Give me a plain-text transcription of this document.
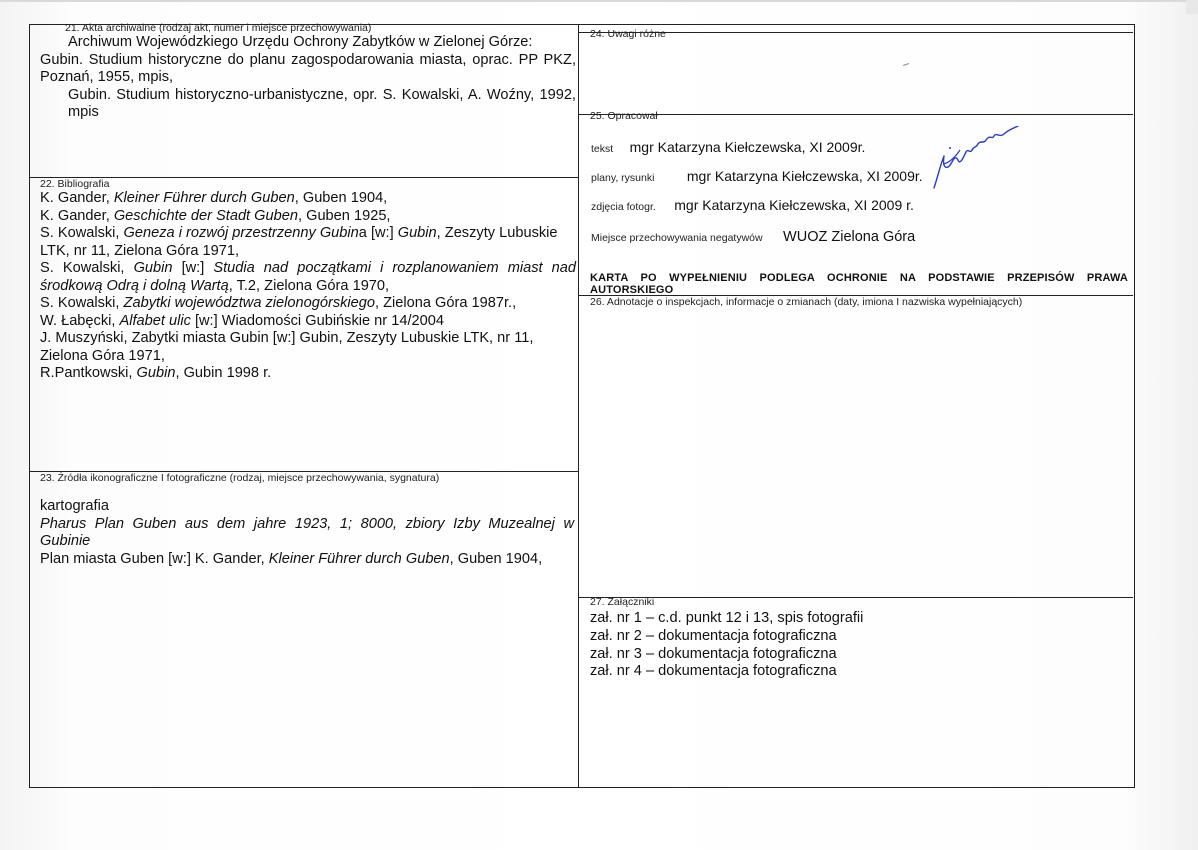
21. Akta archiwalne (rodzaj akt, numer i miejsce przechowywania)
Archiwum Wojewódzkiego Urzędu Ochrony Zabytków w Zielonej Górze:
Gubin. Studium historyczne do planu zagospodarowania miasta, oprac. PP PKZ, Poznań, 1955, mpis,
Gubin. Studium historyczno-urbanistyczne, opr. S. Kowalski, A. Woźny, 1992, mpis
22. Bibliografia
K. Gander, Kleiner Führer durch Guben, Guben 1904,
K. Gander, Geschichte der Stadt Guben, Guben 1925,
S. Kowalski, Geneza i rozwój przestrzenny Gubina [w:] Gubin, Zeszyty Lubuskie LTK, nr 11, Zielona Góra 1971,
S. Kowalski, Gubin [w:] Studia nad początkami i rozplanowaniem miast nad środkową Odrą i dolną Wartą, T.2, Zielona Góra 1970,
S. Kowalski, Zabytki województwa zielonogórskiego, Zielona Góra 1987r.,
W. Łabęcki, Alfabet ulic [w:] Wiadomości Gubińskie nr 14/2004
J. Muszyński, Zabytki miasta Gubin [w:] Gubin, Zeszyty Lubuskie LTK, nr 11, Zielona Góra 1971,
R.Pantkowski, Gubin, Gubin 1998 r.
23. Źródła ikonograficzne I fotograficzne (rodzaj, miejsce przechowywania, sygnatura)
kartografia
Pharus Plan Guben aus dem jahre 1923, 1; 8000, zbiory Izby Muzealnej w Gubinie
Plan miasta Guben [w:] K. Gander, Kleiner Führer durch Guben, Guben 1904,
24. Uwagi różne
25. Opracował
tekst mgr Katarzyna Kiełczewska, XI 2009r.
plany, rysunki mgr Katarzyna Kiełczewska, XI 2009r.
zdjęcia fotogr. mgr Katarzyna Kiełczewska, XI 2009 r.
Miejsce przechowywania negatywów WUOZ Zielona Góra
KARTA PO WYPEŁNIENIU PODLEGA OCHRONIE NA PODSTAWIE PRZEPISÓW PRAWA AUTORSKIEGO
26. Adnotacje o inspekcjach, informacje o zmianach (daty, imiona I nazwiska wypełniających)
27. Załączniki
zał. nr 1 – c.d. punkt 12 i 13, spis fotografii
zał. nr 2 – dokumentacja fotograficzna
zał. nr 3 – dokumentacja fotograficzna
zał. nr 4 – dokumentacja fotograficzna
